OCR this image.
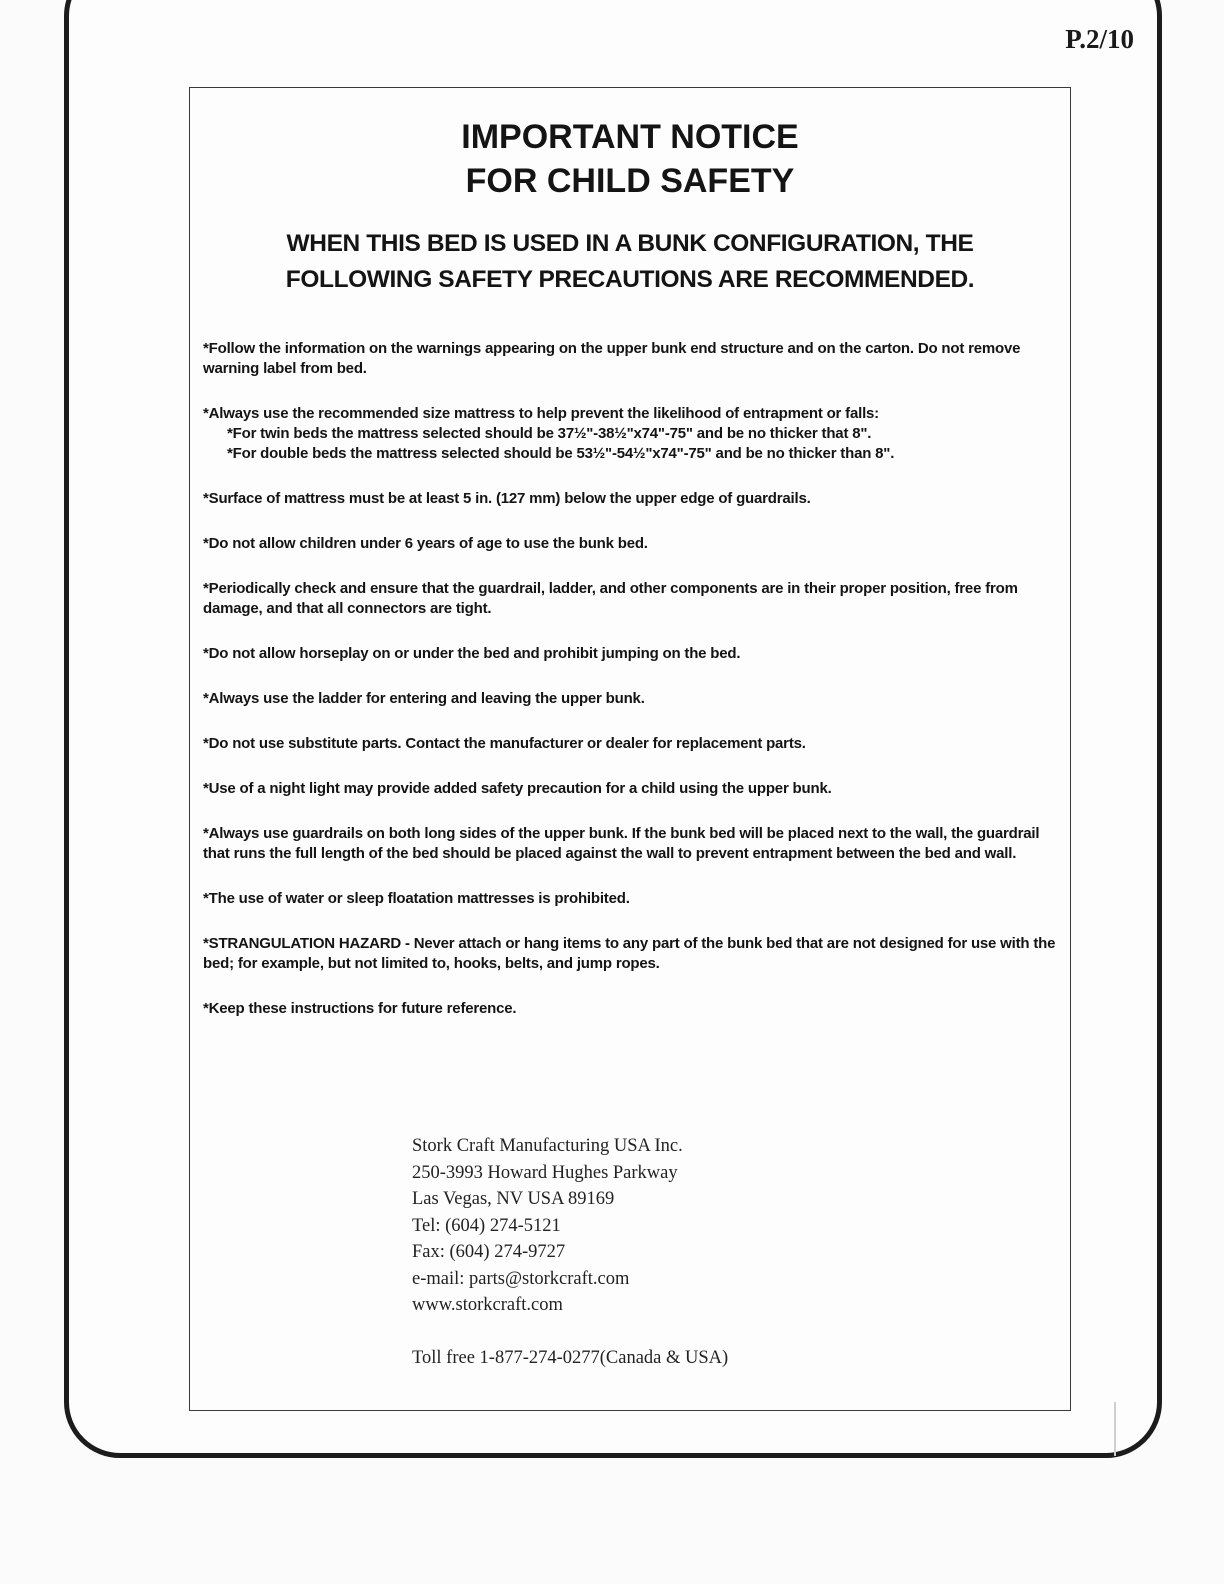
P.2/10
IMPORTANT NOTICE
FOR CHILD SAFETY
WHEN THIS BED IS USED IN A BUNK CONFIGURATION, THE
FOLLOWING SAFETY PRECAUTIONS ARE RECOMMENDED.

*Follow the information on the warnings appearing on the upper bunk end structure and on the carton. Do not remove warning label from bed.

*Always use the recommended size mattress to help prevent the likelihood of entrapment or falls:
*For twin beds the mattress selected should be 37½"-38½"x74"-75" and be no thicker that 8".
*For double beds the mattress selected should be 53½"-54½"x74"-75" and be no thicker than 8".

*Surface of mattress must be at least 5 in. (127 mm) below the upper edge of guardrails.

*Do not allow children under 6 years of age to use the bunk bed.

*Periodically check and ensure that the guardrail, ladder, and other components are in their proper position, free from damage, and that all connectors are tight.

*Do not allow horseplay on or under the bed and prohibit jumping on the bed.

*Always use the ladder for entering and leaving the upper bunk.

*Do not use substitute parts. Contact the manufacturer or dealer for replacement parts.

*Use of a night light may provide added safety precaution for a child using the upper bunk.

*Always use guardrails on both long sides of the upper bunk. If the bunk bed will be placed next to the wall, the guardrail that runs the full length of the bed should be placed against the wall to prevent entrapment between the bed and wall.

*The use of water or sleep floatation mattresses is prohibited.

*STRANGULATION HAZARD - Never attach or hang items to any part of the bunk bed that are not designed for use with the bed; for example, but not limited to, hooks, belts, and jump ropes.

*Keep these instructions for future reference.

Stork Craft Manufacturing USA Inc.
250-3993 Howard Hughes Parkway
Las Vegas, NV USA 89169
Tel: (604) 274-5121
Fax: (604) 274-9727
e-mail: parts@storkcraft.com
www.storkcraft.com
Toll free 1-877-274-0277(Canada & USA)
